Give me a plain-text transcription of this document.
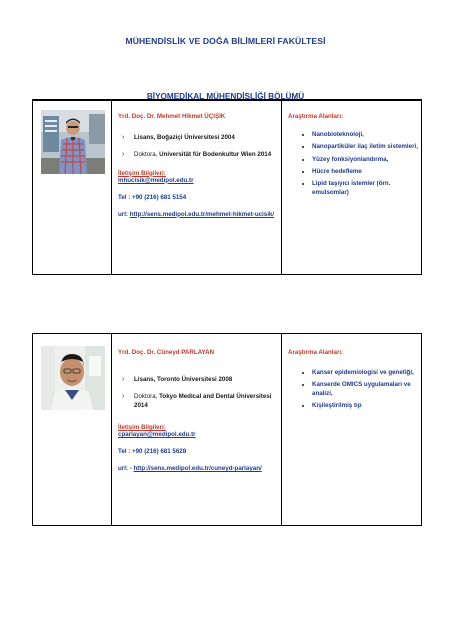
MÜHENDİSLİK VE DOĞA BİLİMLERİ FAKÜLTESİ
BİYOMEDİKAL MÜHENDİSLİĞİ BÖLÜMÜ
Yrd. Doç. Dr. Mehmet Hikmet ÜÇIŞIK
› Lisans, Boğaziçi Üniversitesi 2004
› Doktora, Universität für Bodenkultur Wien 2014
İletişim Bilgileri:
mhucisik@medipol.edu.tr
Tel : +90 (216) 681 5154
url: http://sens.medipol.edu.tr/mehmet-hikmet-ucisik/
Araştırma Alanları:
• Nanobioteknoloji,
• Nanopartiküler ilaç iletim sistemleri,
• Yüzey fonksiyonlandırma,
• Hücre hedefleme
• Lipid taşıyıcı istemler (örn. emulsomlar)
Yrd. Doç. Dr. Cüneyd PARLAYAN
› Lisans, Toronto Üniversitesi 2008
› Doktora, Tokyo Medical and Dental Üniversitesi 2014
İletişim Bilgileri:
cparlayan@medipol.edu.tr
Tel : +90 (216) 681 5628
url: - http://sens.medipol.edu.tr/cuneyd-parlayan/
Araştırma Alanları:
• Kanser epidemiologisi ve genetiği,
• Kanserde OMICS uygulamaları ve analizi,
• Kişileştirilmiş tıp
